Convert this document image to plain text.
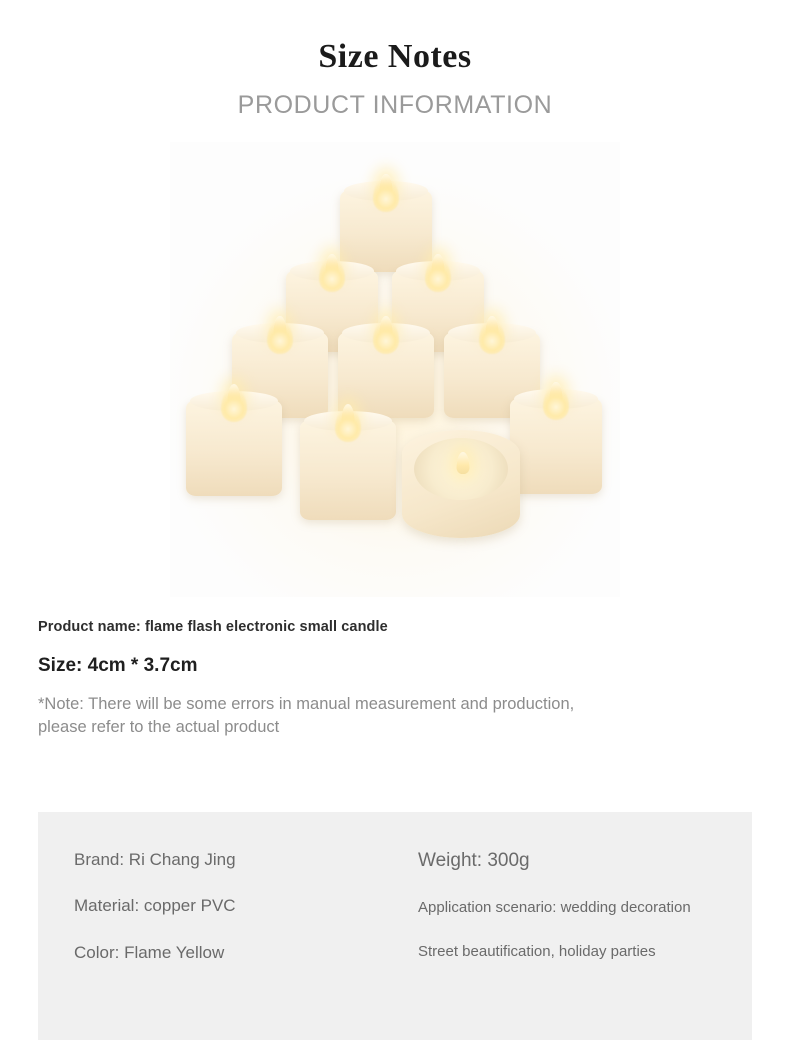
Size Notes
PRODUCT INFORMATION
Product name: flame flash electronic small candle
Size: 4cm * 3.7cm
*Note: There will be some errors in manual measurement and production, please refer to the actual product
Brand: Ri Chang Jing
Material: copper PVC
Color: Flame Yellow
Weight: 300g
Application scenario: wedding decoration
Street beautification, holiday parties
